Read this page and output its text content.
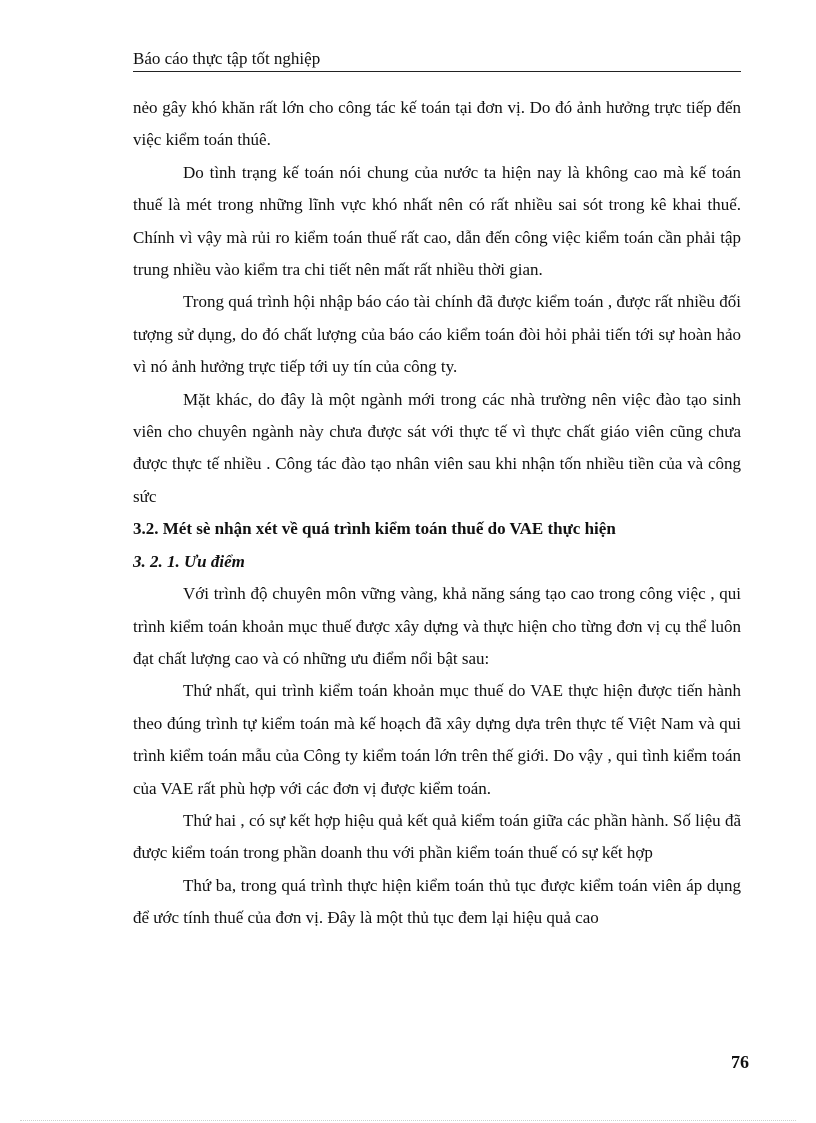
Báo cáo thực tập tốt nghiệp

nẻo gây khó khăn rất lớn cho công tác kế toán tại đơn vị. Do đó ảnh hưởng trực tiếp đến việc kiểm toán thúê.

Do tình trạng kế toán nói chung của nước ta hiện nay là không cao mà kế toán thuế là mét trong những lĩnh vực khó nhất nên có rất nhiều sai sót trong kê khai thuế. Chính vì vậy mà rủi ro kiểm toán thuế rất cao, dẫn đến công việc kiểm toán cần phải tập trung nhiều vào kiểm tra chi tiết nên mất rất nhiều thời gian.

Trong quá trình hội nhập báo cáo tài chính đã được kiểm toán , được rất nhiều đối tượng sử dụng, do đó chất lượng của báo cáo kiểm toán đòi hỏi phải tiến tới sự hoàn hảo vì nó ảnh hưởng trực tiếp tới uy tín của công ty.

Mặt khác, do đây là một ngành mới trong các nhà trường nên việc đào tạo sinh viên cho chuyên ngành này chưa được sát với thực tế vì thực chất giáo viên cũng chưa được thực tế nhiều . Công tác đào tạo nhân viên sau khi nhận tốn nhiều tiền của và công sức

3.2. Mét sè nhận xét về quá trình kiểm toán thuế do VAE thực hiện

3. 2. 1. Ưu điểm

Với trình độ chuyên môn vững vàng, khả năng sáng tạo cao trong công việc , qui trình kiểm toán khoản mục thuế được xây dựng và thực hiện cho từng đơn vị cụ thể luôn đạt chất lượng cao và có những ưu điểm nổi bật sau:

Thứ nhất, qui trình kiểm toán khoản mục thuế do VAE thực hiện được tiến hành theo đúng trình tự kiểm toán mà kế hoạch đã xây dựng dựa trên thực tế Việt Nam và qui trình kiểm toán mẫu của Công ty kiểm toán lớn trên thế giới. Do vậy , qui tình kiểm toán của VAE rất phù hợp với các đơn vị được kiểm toán.

Thứ hai , có sự kết hợp hiệu quả kết quả kiểm toán giữa các phần hành. Số liệu đã được kiểm toán trong phần doanh thu với phần kiểm toán thuế có sự kết hợp

Thứ ba, trong quá trình thực hiện kiểm toán thủ tục được kiểm toán viên áp dụng để ước tính thuế của đơn vị. Đây là một thủ tục đem lại hiệu quả cao

76
